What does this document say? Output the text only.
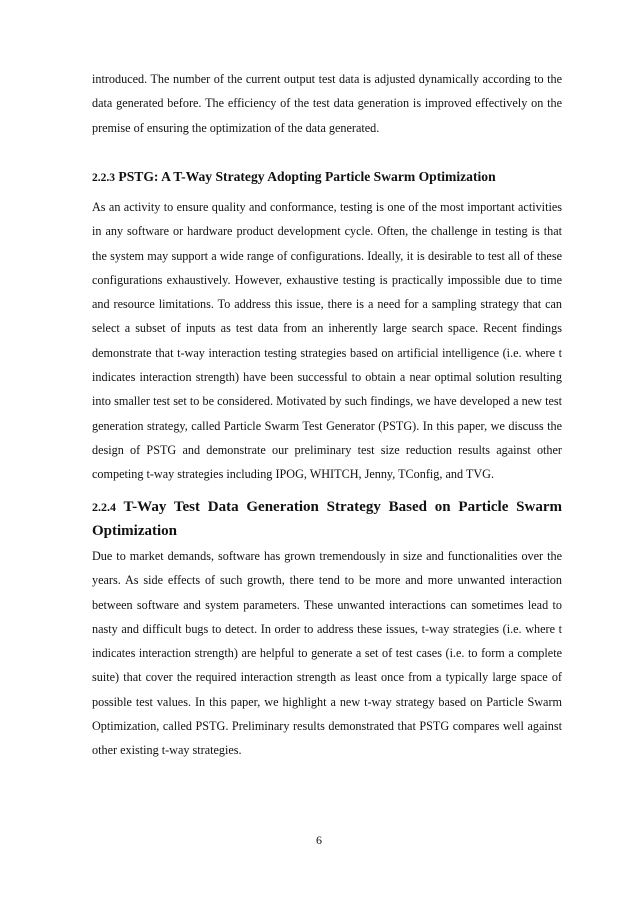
introduced. The number of the current output test data is adjusted dynamically according to the data generated before. The efficiency of the test data generation is improved effectively on the premise of ensuring the optimization of the data generated.

2.2.3 PSTG: A T-Way Strategy Adopting Particle Swarm Optimization

As an activity to ensure quality and conformance, testing is one of the most important activities in any software or hardware product development cycle. Often, the challenge in testing is that the system may support a wide range of configurations. Ideally, it is desirable to test all of these configurations exhaustively. However, exhaustive testing is practically impossible due to time and resource limitations. To address this issue, there is a need for a sampling strategy that can select a subset of inputs as test data from an inherently large search space. Recent findings demonstrate that t-way interaction testing strategies based on artificial intelligence (i.e. where t indicates interaction strength) have been successful to obtain a near optimal solution resulting into smaller test set to be considered. Motivated by such findings, we have developed a new test generation strategy, called Particle Swarm Test Generator (PSTG). In this paper, we discuss the design of PSTG and demonstrate our preliminary test size reduction results against other competing t-way strategies including IPOG, WHITCH, Jenny, TConfig, and TVG.

2.2.4 T-Way Test Data Generation Strategy Based on Particle Swarm Optimization

Due to market demands, software has grown tremendously in size and functionalities over the years. As side effects of such growth, there tend to be more and more unwanted interaction between software and system parameters. These unwanted interactions can sometimes lead to nasty and difficult bugs to detect. In order to address these issues, t-way strategies (i.e. where t indicates interaction strength) are helpful to generate a set of test cases (i.e. to form a complete suite) that cover the required interaction strength as least once from a typically large space of possible test values. In this paper, we highlight a new t-way strategy based on Particle Swarm Optimization, called PSTG. Preliminary results demonstrated that PSTG compares well against other existing t-way strategies.

6
